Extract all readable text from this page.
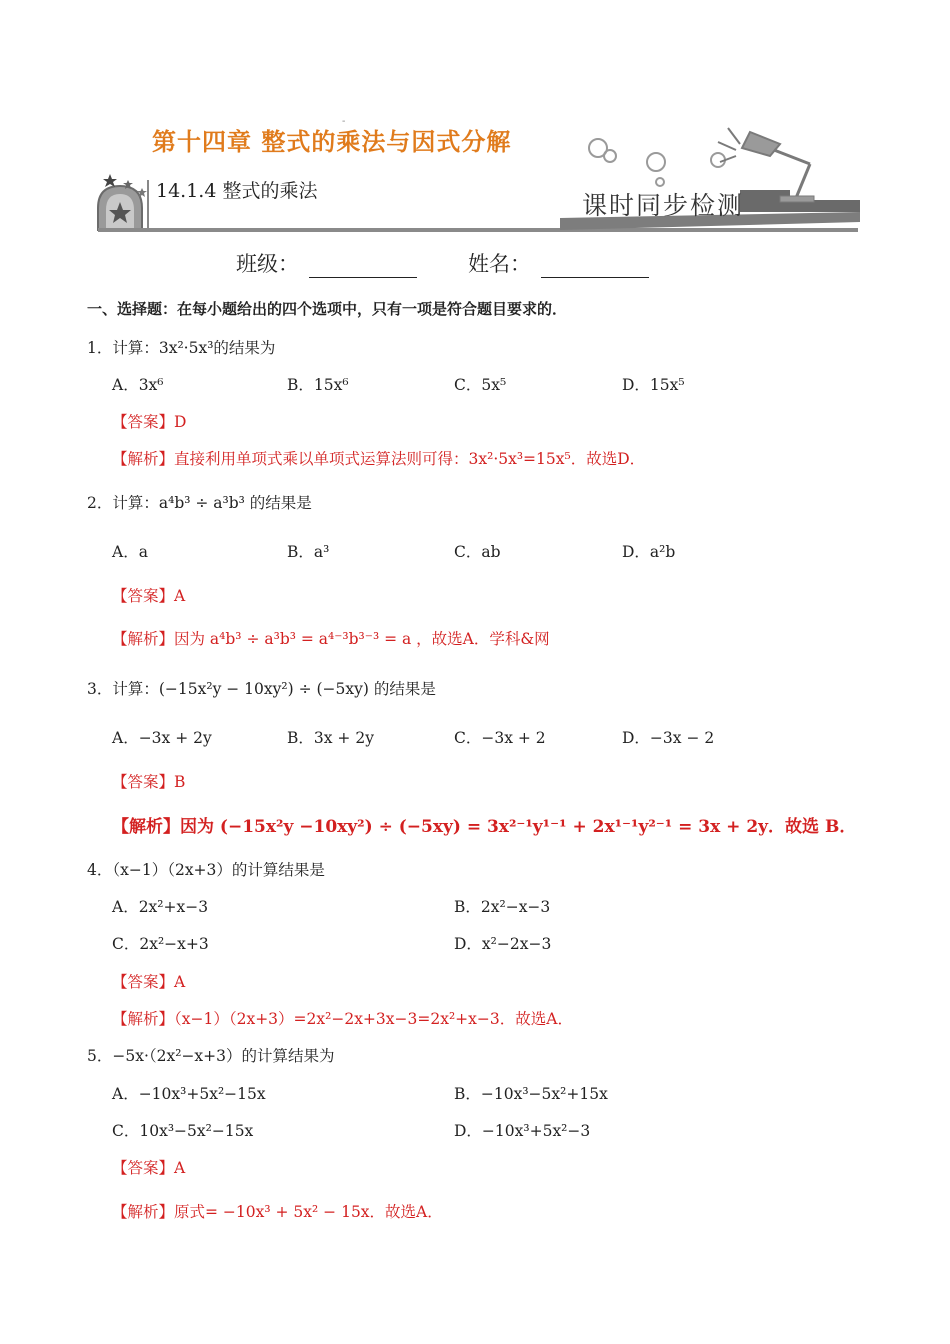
‐
第十四章 整式的乘法与因式分解
14.1.4 整式的乘法	课时同步检测
班级：	姓名：
一、选择题：在每小题给出的四个选项中，只有一项是符合题目要求的．
1．计算：3x²·5x³的结果为
A．3x⁶	B．15x⁶	C．5x⁵	D．15x⁵
【答案】D
【解析】直接利用单项式乘以单项式运算法则可得：3x²·5x³=15x⁵．故选D．
2．计算：a⁴b³ ÷ a³b³ 的结果是
A．a	B．a³	C．ab	D．a²b
【答案】A
【解析】因为 a⁴b³ ÷ a³b³ = a⁴⁻³b³⁻³ = a ，故选A．学科&网
3．计算：(−15x²y − 10xy²) ÷ (−5xy) 的结果是
A．−3x + 2y	B．3x + 2y	C．−3x + 2	D．−3x − 2
【答案】B
【解析】因为 (−15x²y −10xy²) ÷ (−5xy) = 3x²⁻¹y¹⁻¹ + 2x¹⁻¹y²⁻¹ = 3x + 2y．故选 B．
4．（x−1）（2x+3）的计算结果是
A．2x²+x−3	B．2x²−x−3
C．2x²−x+3	D．x²−2x−3
【答案】A
【解析】（x−1）（2x+3）=2x²−2x+3x−3=2x²+x−3．故选A．
5．−5x·（2x²−x+3）的计算结果为
A．−10x³+5x²−15x	B．−10x³−5x²+15x
C．10x³−5x²−15x	D．−10x³+5x²−3
【答案】A
【解析】原式= −10x³ + 5x² − 15x．故选A．
